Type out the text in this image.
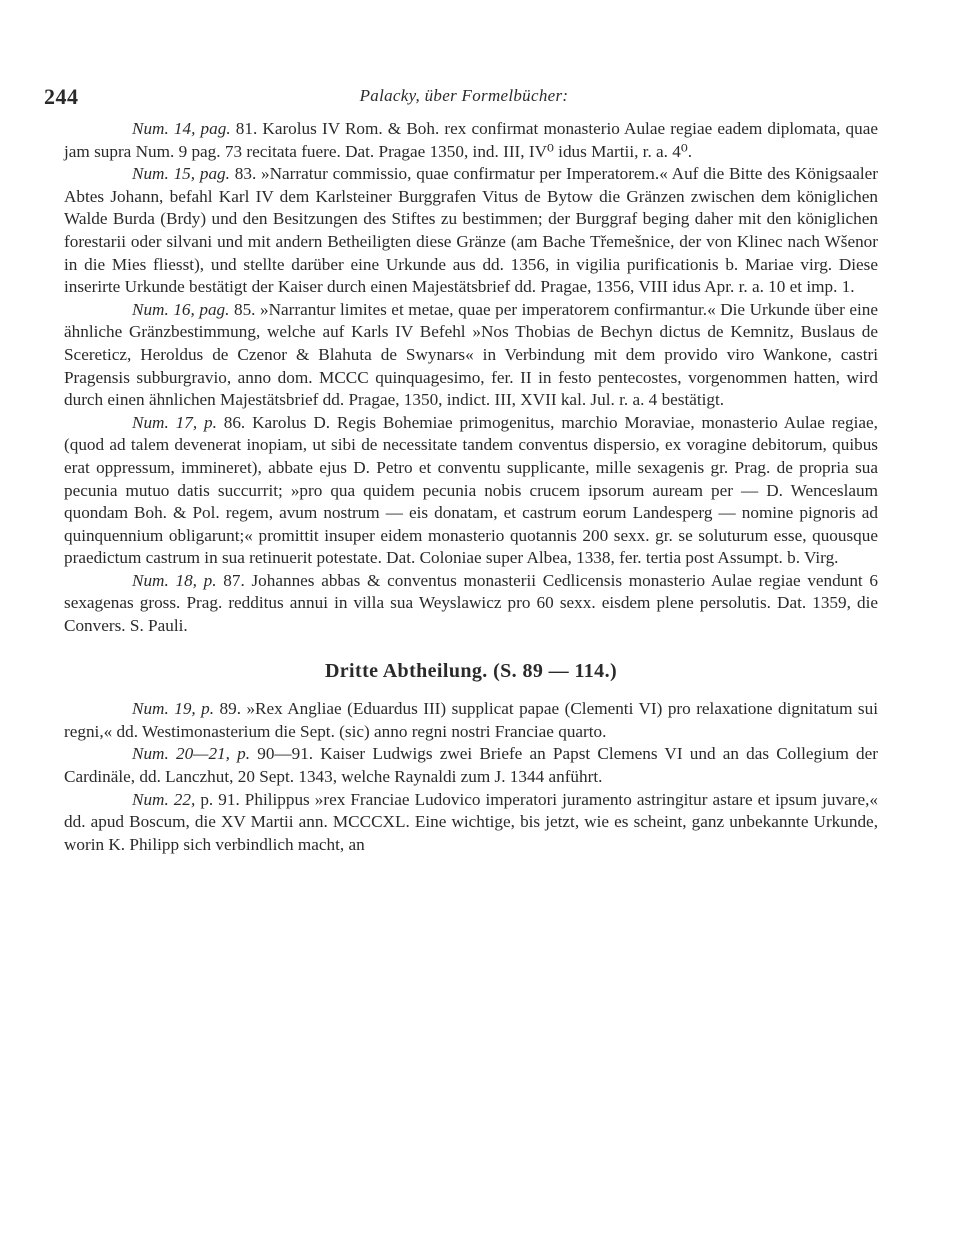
244	Palacky, über Formelbücher:

Num. 14, pag. 81. Karolus IV Rom. & Boh. rex confirmat monasterio Aulae regiae eadem diplomata, quae jam supra Num. 9 pag. 73 recitata fuere. Dat. Pragae 1350, ind. III, IV⁰ idus Martii, r. a. 4⁰.

Num. 15, pag. 83. »Narratur commissio, quae confirmatur per Imperatorem.« Auf die Bitte des Königsaaler Abtes Johann, befahl Karl IV dem Karlsteiner Burggrafen Vitus de Bytow die Gränzen zwischen dem königlichen Walde Burda (Brdy) und den Besitzungen des Stiftes zu bestimmen; der Burggraf beging daher mit den königlichen forestarii oder silvani und mit andern Betheiligten diese Gränze (am Bache Třemešnice, der von Klinec nach Wšenor in die Mies fliesst), und stellte darüber eine Urkunde aus dd. 1356, in vigilia purificationis b. Mariae virg. Diese inserirte Urkunde bestätigt der Kaiser durch einen Majestätsbrief dd. Pragae, 1356, VIII idus Apr. r. a. 10 et imp. 1.

Num. 16, pag. 85. »Narrantur limites et metae, quae per imperatorem confirmantur.« Die Urkunde über eine ähnliche Gränzbestimmung, welche auf Karls IV Befehl »Nos Thobias de Bechyn dictus de Kemnitz, Buslaus de Scereticz, Heroldus de Czenor & Blahuta de Swynars« in Verbindung mit dem provido viro Wankone, castri Pragensis subburgravio, anno dom. MCCC quinquagesimo, fer. II in festo pentecostes, vorgenommen hatten, wird durch einen ähnlichen Majestätsbrief dd. Pragae, 1350, indict. III, XVII kal. Jul. r. a. 4 bestätigt.

Num. 17, p. 86. Karolus D. Regis Bohemiae primogenitus, marchio Moraviae, monasterio Aulae regiae, (quod ad talem devenerat inopiam, ut sibi de necessitate tandem conventus dispersio, ex voragine debitorum, quibus erat oppressum, immineret), abbate ejus D. Petro et conventu supplicante, mille sexagenis gr. Prag. de propria sua pecunia mutuo datis succurrit; »pro qua quidem pecunia nobis crucem ipsorum auream per — D. Wenceslaum quondam Boh. & Pol. regem, avum nostrum — eis donatam, et castrum eorum Landesperg — nomine pignoris ad quinquennium obligarunt;« promittit insuper eidem monasterio quotannis 200 sexx. gr. se soluturum esse, quousque praedictum castrum in sua retinuerit potestate. Dat. Coloniae super Albea, 1338, fer. tertia post Assumpt. b. Virg.

Num. 18, p. 87. Johannes abbas & conventus monasterii Cedlicensis monasterio Aulae regiae vendunt 6 sexagenas gross. Prag. redditus annui in villa sua Weyslawicz pro 60 sexx. eisdem plene persolutis. Dat. 1359, die Convers. S. Pauli.

Dritte Abtheilung. (S. 89 — 114.)

Num. 19, p. 89. »Rex Angliae (Eduardus III) supplicat papae (Clementi VI) pro relaxatione dignitatum sui regni,« dd. Westimonasterium die Sept. (sic) anno regni nostri Franciae quarto.

Num. 20—21, p. 90—91. Kaiser Ludwigs zwei Briefe an Papst Clemens VI und an das Collegium der Cardinäle, dd. Lanczhut, 20 Sept. 1343, welche Raynaldi zum J. 1344 anführt.

Num. 22, p. 91. Philippus »rex Franciae Ludovico imperatori juramento astringitur astare et ipsum juvare,« dd. apud Boscum, die XV Martii ann. MCCCXL. Eine wichtige, bis jetzt, wie es scheint, ganz unbekannte Urkunde, worin K. Philipp sich verbindlich macht, an
